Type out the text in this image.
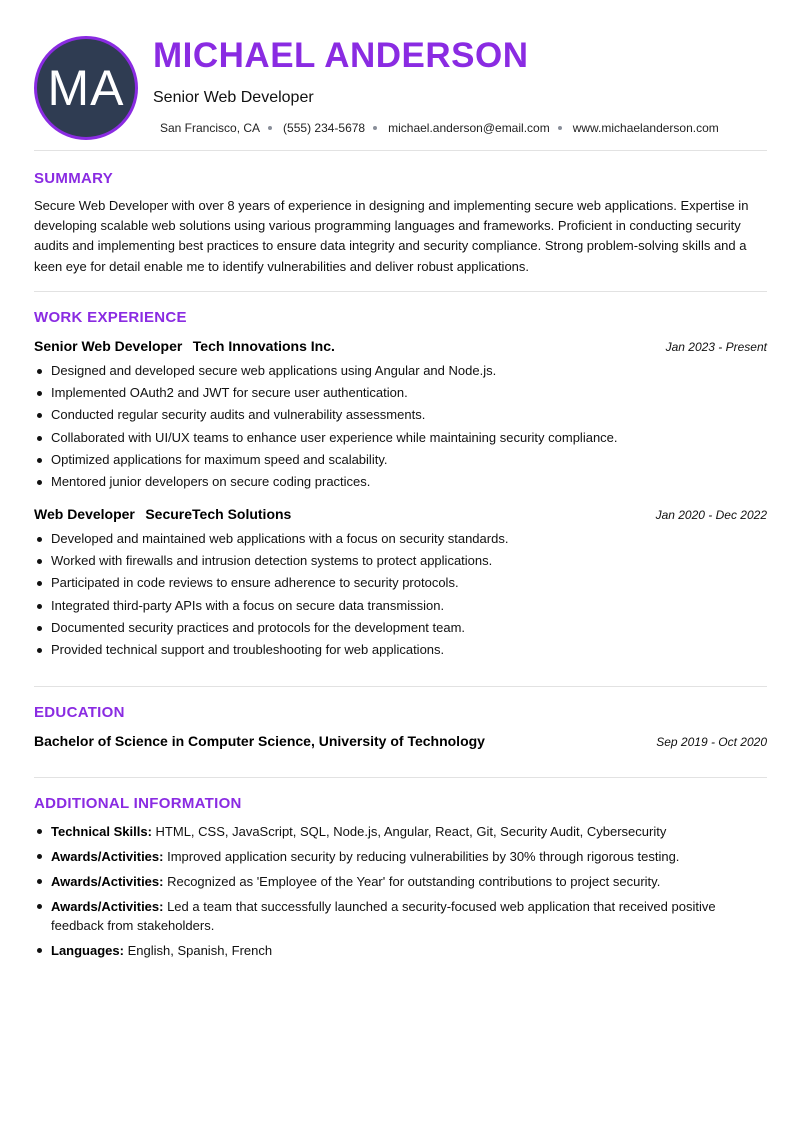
MA
MICHAEL ANDERSON
Senior Web Developer
San Francisco, CA (555) 234-5678 michael.anderson@email.com www.michaelanderson.com
SUMMARY
Secure Web Developer with over 8 years of experience in designing and implementing secure web applications. Expertise in developing scalable web solutions using various programming languages and frameworks. Proficient in conducting security audits and implementing best practices to ensure data integrity and security compliance. Strong problem-solving skills and a keen eye for detail enable me to identify vulnerabilities and deliver robust applications.
WORK EXPERIENCE
Senior Web Developer Tech Innovations Inc.	Jan 2023 - Present
Designed and developed secure web applications using Angular and Node.js.
Implemented OAuth2 and JWT for secure user authentication.
Conducted regular security audits and vulnerability assessments.
Collaborated with UI/UX teams to enhance user experience while maintaining security compliance.
Optimized applications for maximum speed and scalability.
Mentored junior developers on secure coding practices.
Web Developer SecureTech Solutions	Jan 2020 - Dec 2022
Developed and maintained web applications with a focus on security standards.
Worked with firewalls and intrusion detection systems to protect applications.
Participated in code reviews to ensure adherence to security protocols.
Integrated third-party APIs with a focus on secure data transmission.
Documented security practices and protocols for the development team.
Provided technical support and troubleshooting for web applications.
EDUCATION
Bachelor of Science in Computer Science, University of Technology	Sep 2019 - Oct 2020
ADDITIONAL INFORMATION
Technical Skills: HTML, CSS, JavaScript, SQL, Node.js, Angular, React, Git, Security Audit, Cybersecurity
Awards/Activities: Improved application security by reducing vulnerabilities by 30% through rigorous testing.
Awards/Activities: Recognized as 'Employee of the Year' for outstanding contributions to project security.
Awards/Activities: Led a team that successfully launched a security-focused web application that received positive feedback from stakeholders.
Languages: English, Spanish, French
